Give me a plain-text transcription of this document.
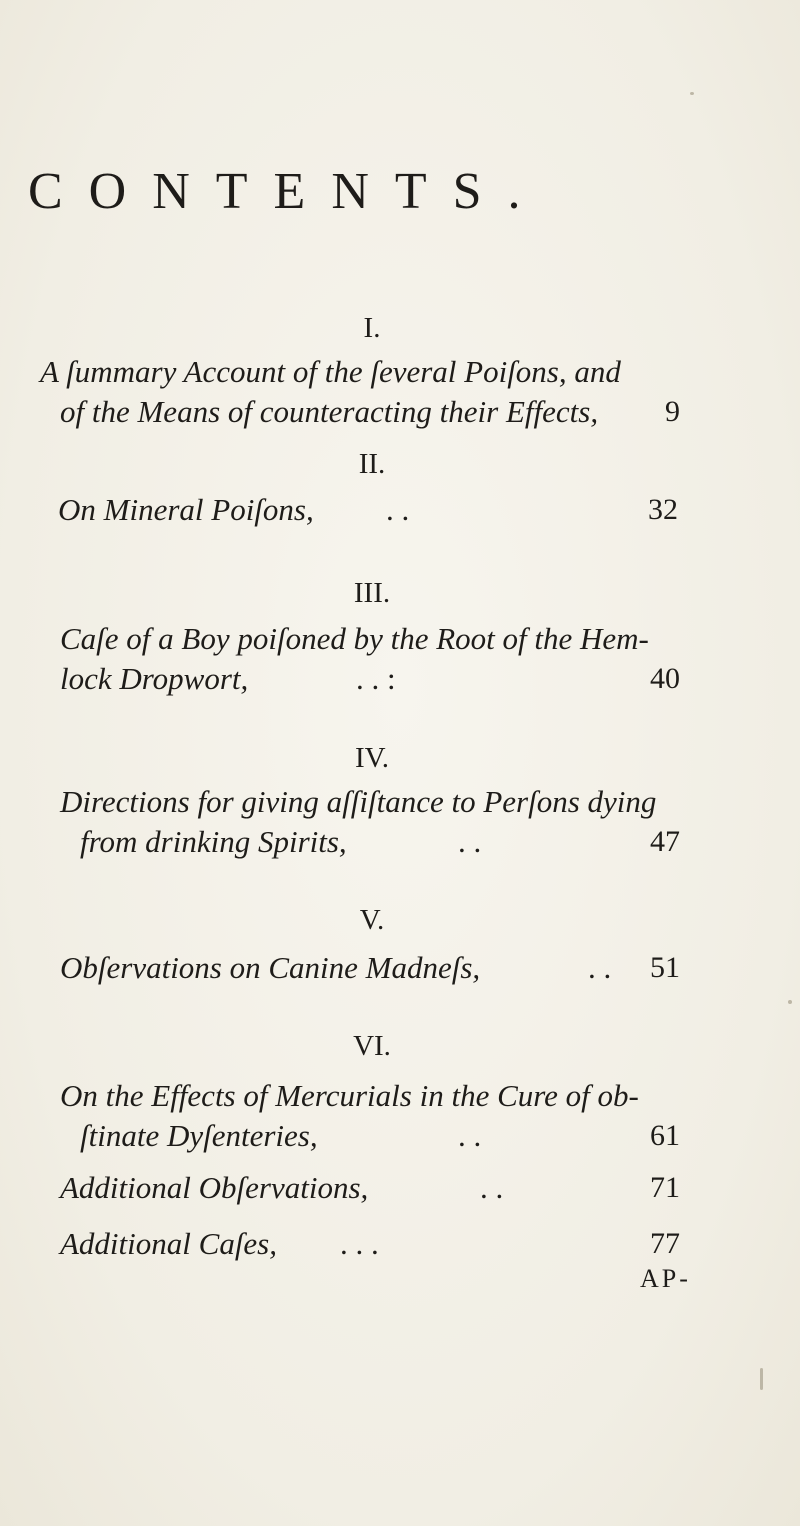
CONTENTS.
I.
A ſummary Account of the ſeveral Poiſons, and
of the Means of counteracting their Effects, 9
II.
On Mineral Poiſons, . .	32
III.
Caſe of a Boy poiſoned by the Root of the Hem-
lock Dropwort,	. . :	40
IV.
Directions for giving aſſiſtance to Perſons dying
from drinking Spirits,	. .	47
V.
Obſervations on Canine Madneſs,	. . 51
VI.
On the Effects of Mercurials in the Cure of ob-
ſtinate Dyſenteries,	. .	61
Additional Obſervations,	. .	71
Additional Caſes, . . .	77
AP-
